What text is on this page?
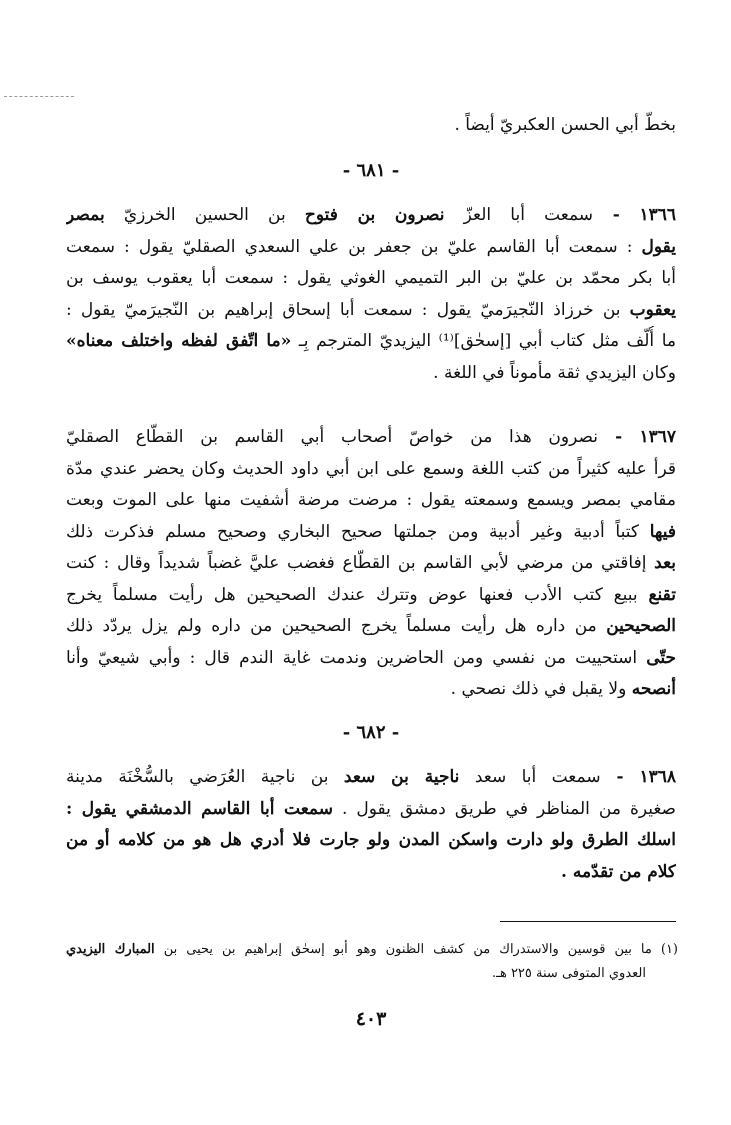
بخطّ أبي الحسن العكبريّ أيضاً .
- ٦٨١ -
١٣٦٦ - سمعت أبا العزّ نصرون بن فتوح بن الحسين الخرزيّ بمصر
يقول : سمعت أبا القاسم عليّ بن جعفر بن علي السعدي الصقليّ يقول : سمعت
أبا بكر محمّد بن عليّ بن البر التميمي الغوثي يقول : سمعت أبا يعقوب يوسف بن
يعقوب بن خرزاذ النّجيرَميّ يقول : سمعت أبا إسحاق إبراهيم بن النّجيرَميّ يقول :
ما أُلّف مثل كتاب أبي [إسحٰق]⁽¹⁾ اليزيديّ المترجم بِـ «ما اتّفق لفظه واختلف معناه»
وكان اليزيدي ثقة مأموناً في اللغة .
١٣٦٧ - نصرون هذا من خواصّ أصحاب أبي القاسم بن القطّاع الصقليّ
قرأ عليه كثيراً من كتب اللغة وسمع على ابن أبي داود الحديث وكان يحضر عندي مدّة
مقامي بمصر ويسمع وسمعته يقول : مرضت مرضة أشفيت منها على الموت وبعت
فيها كتباً أدبية وغير أدبية ومن جملتها صحيح البخاري وصحيح مسلم فذكرت ذلك
بعد إفاقتي من مرضي لأبي القاسم بن القطّاع فغضب عليَّ غضباً شديداً وقال : كنت
تقنع ببيع كتب الأدب فعنها عوض وتترك عندك الصحيحين هل رأيت مسلماً يخرج
الصحيحين من داره هل رأيت مسلماً يخرج الصحيحين من داره ولم يزل يردّد ذلك
حتّى استحييت من نفسي ومن الحاضرين وندمت غاية الندم قال : وأبي شيعيّ وأنا
أنصحه ولا يقبل في ذلك نصحي .
- ٦٨٢ -
١٣٦٨ - سمعت أبا سعد ناجية بن سعد بن ناجية العُرَضي بالسُّخْنَة مدينة
صغيرة من المناظر في طريق دمشق يقول . سمعت أبا القاسم الدمشقي يقول :
اسلك الطرق ولو دارت واسكن المدن ولو جارت فلا أدري هل هو من كلامه أو من
كلام من تقدّمه .
(١) ما بين قوسين والاستدراك من كشف الظنون وهو أبو إسحٰق إبراهيم بن يحيى بن المبارك اليزيدي
العدوي المتوفى سنة ٢٢٥ هـ.
٤٠٣
